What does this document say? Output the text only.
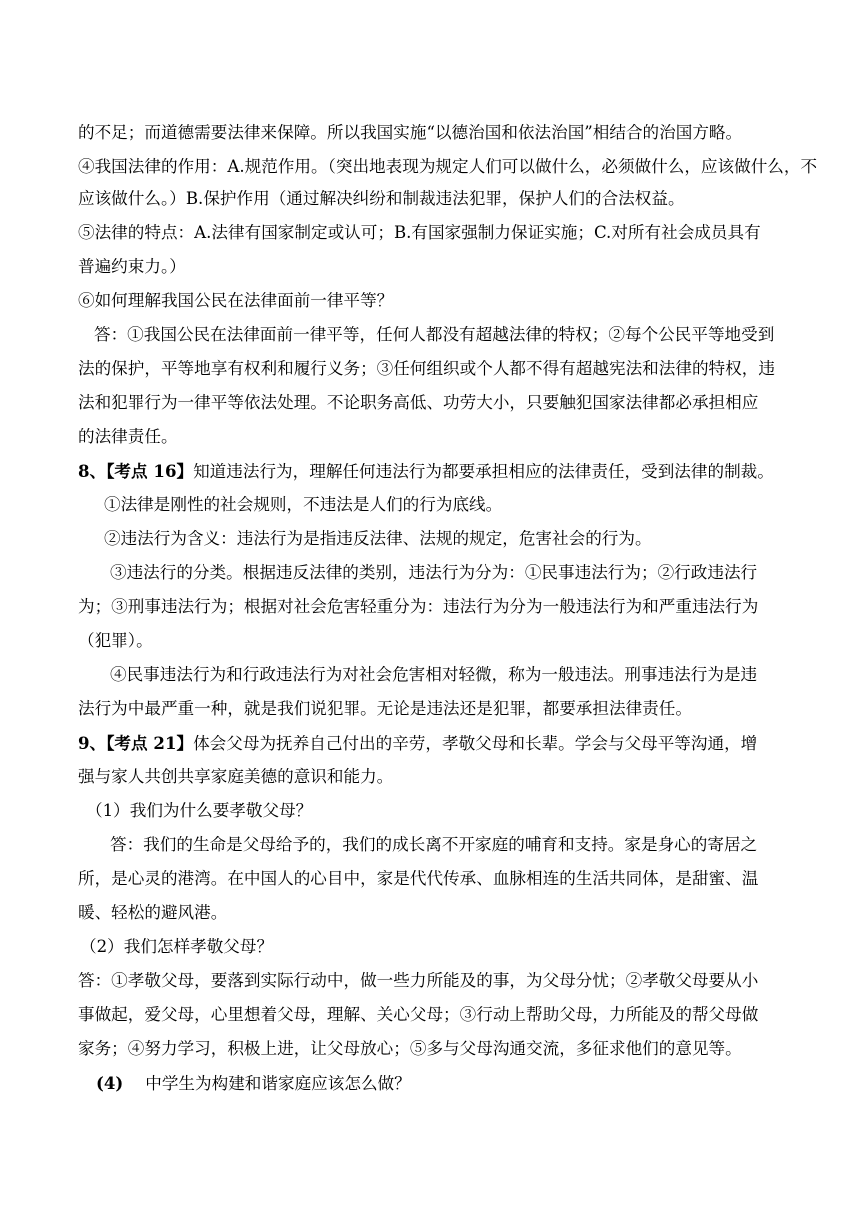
的不足；而道德需要法律来保障。所以我国实施“以德治国和依法治国”相结合的治国方略。
④我国法律的作用：A.规范作用。（突出地表现为规定人们可以做什么，必须做什么，应该做什么，不
应该做什么。）B.保护作用（通过解决纠纷和制裁违法犯罪，保护人们的合法权益。
⑤法律的特点：A.法律有国家制定或认可；B.有国家强制力保证实施；C.对所有社会成员具有
普遍约束力。）
⑥如何理解我国公民在法律面前一律平等？
答：①我国公民在法律面前一律平等，任何人都没有超越法律的特权；②每个公民平等地受到
法的保护，平等地享有权利和履行义务；③任何组织或个人都不得有超越宪法和法律的特权，违
法和犯罪行为一律平等依法处理。不论职务高低、功劳大小，只要触犯国家法律都必承担相应
的法律责任。
8、【考点 16】知道违法行为，理解任何违法行为都要承担相应的法律责任，受到法律的制裁。
①法律是刚性的社会规则，不违法是人们的行为底线。
②违法行为含义：违法行为是指违反法律、法规的规定，危害社会的行为。
③违法行的分类。根据违反法律的类别，违法行为分为：①民事违法行为；②行政违法行
为；③刑事违法行为；根据对社会危害轻重分为：违法行为分为一般违法行为和严重违法行为
（犯罪）。
④民事违法行为和行政违法行为对社会危害相对轻微，称为一般违法。刑事违法行为是违
法行为中最严重一种，就是我们说犯罪。无论是违法还是犯罪，都要承担法律责任。
9、【考点 21】体会父母为抚养自己付出的辛劳，孝敬父母和长辈。学会与父母平等沟通，增
强与家人共创共享家庭美德的意识和能力。
（1）我们为什么要孝敬父母？
答：我们的生命是父母给予的，我们的成长离不开家庭的哺育和支持。家是身心的寄居之
所，是心灵的港湾。在中国人的心目中，家是代代传承、血脉相连的生活共同体，是甜蜜、温
暖、轻松的避风港。
（2）我们怎样孝敬父母？
答：①孝敬父母，要落到实际行动中，做一些力所能及的事，为父母分忧；②孝敬父母要从小
事做起，爱父母，心里想着父母，理解、关心父母；③行动上帮助父母，力所能及的帮父母做
家务；④努力学习，积极上进，让父母放心；⑤多与父母沟通交流，多征求他们的意见等。
(4) 中学生为构建和谐家庭应该怎么做？
